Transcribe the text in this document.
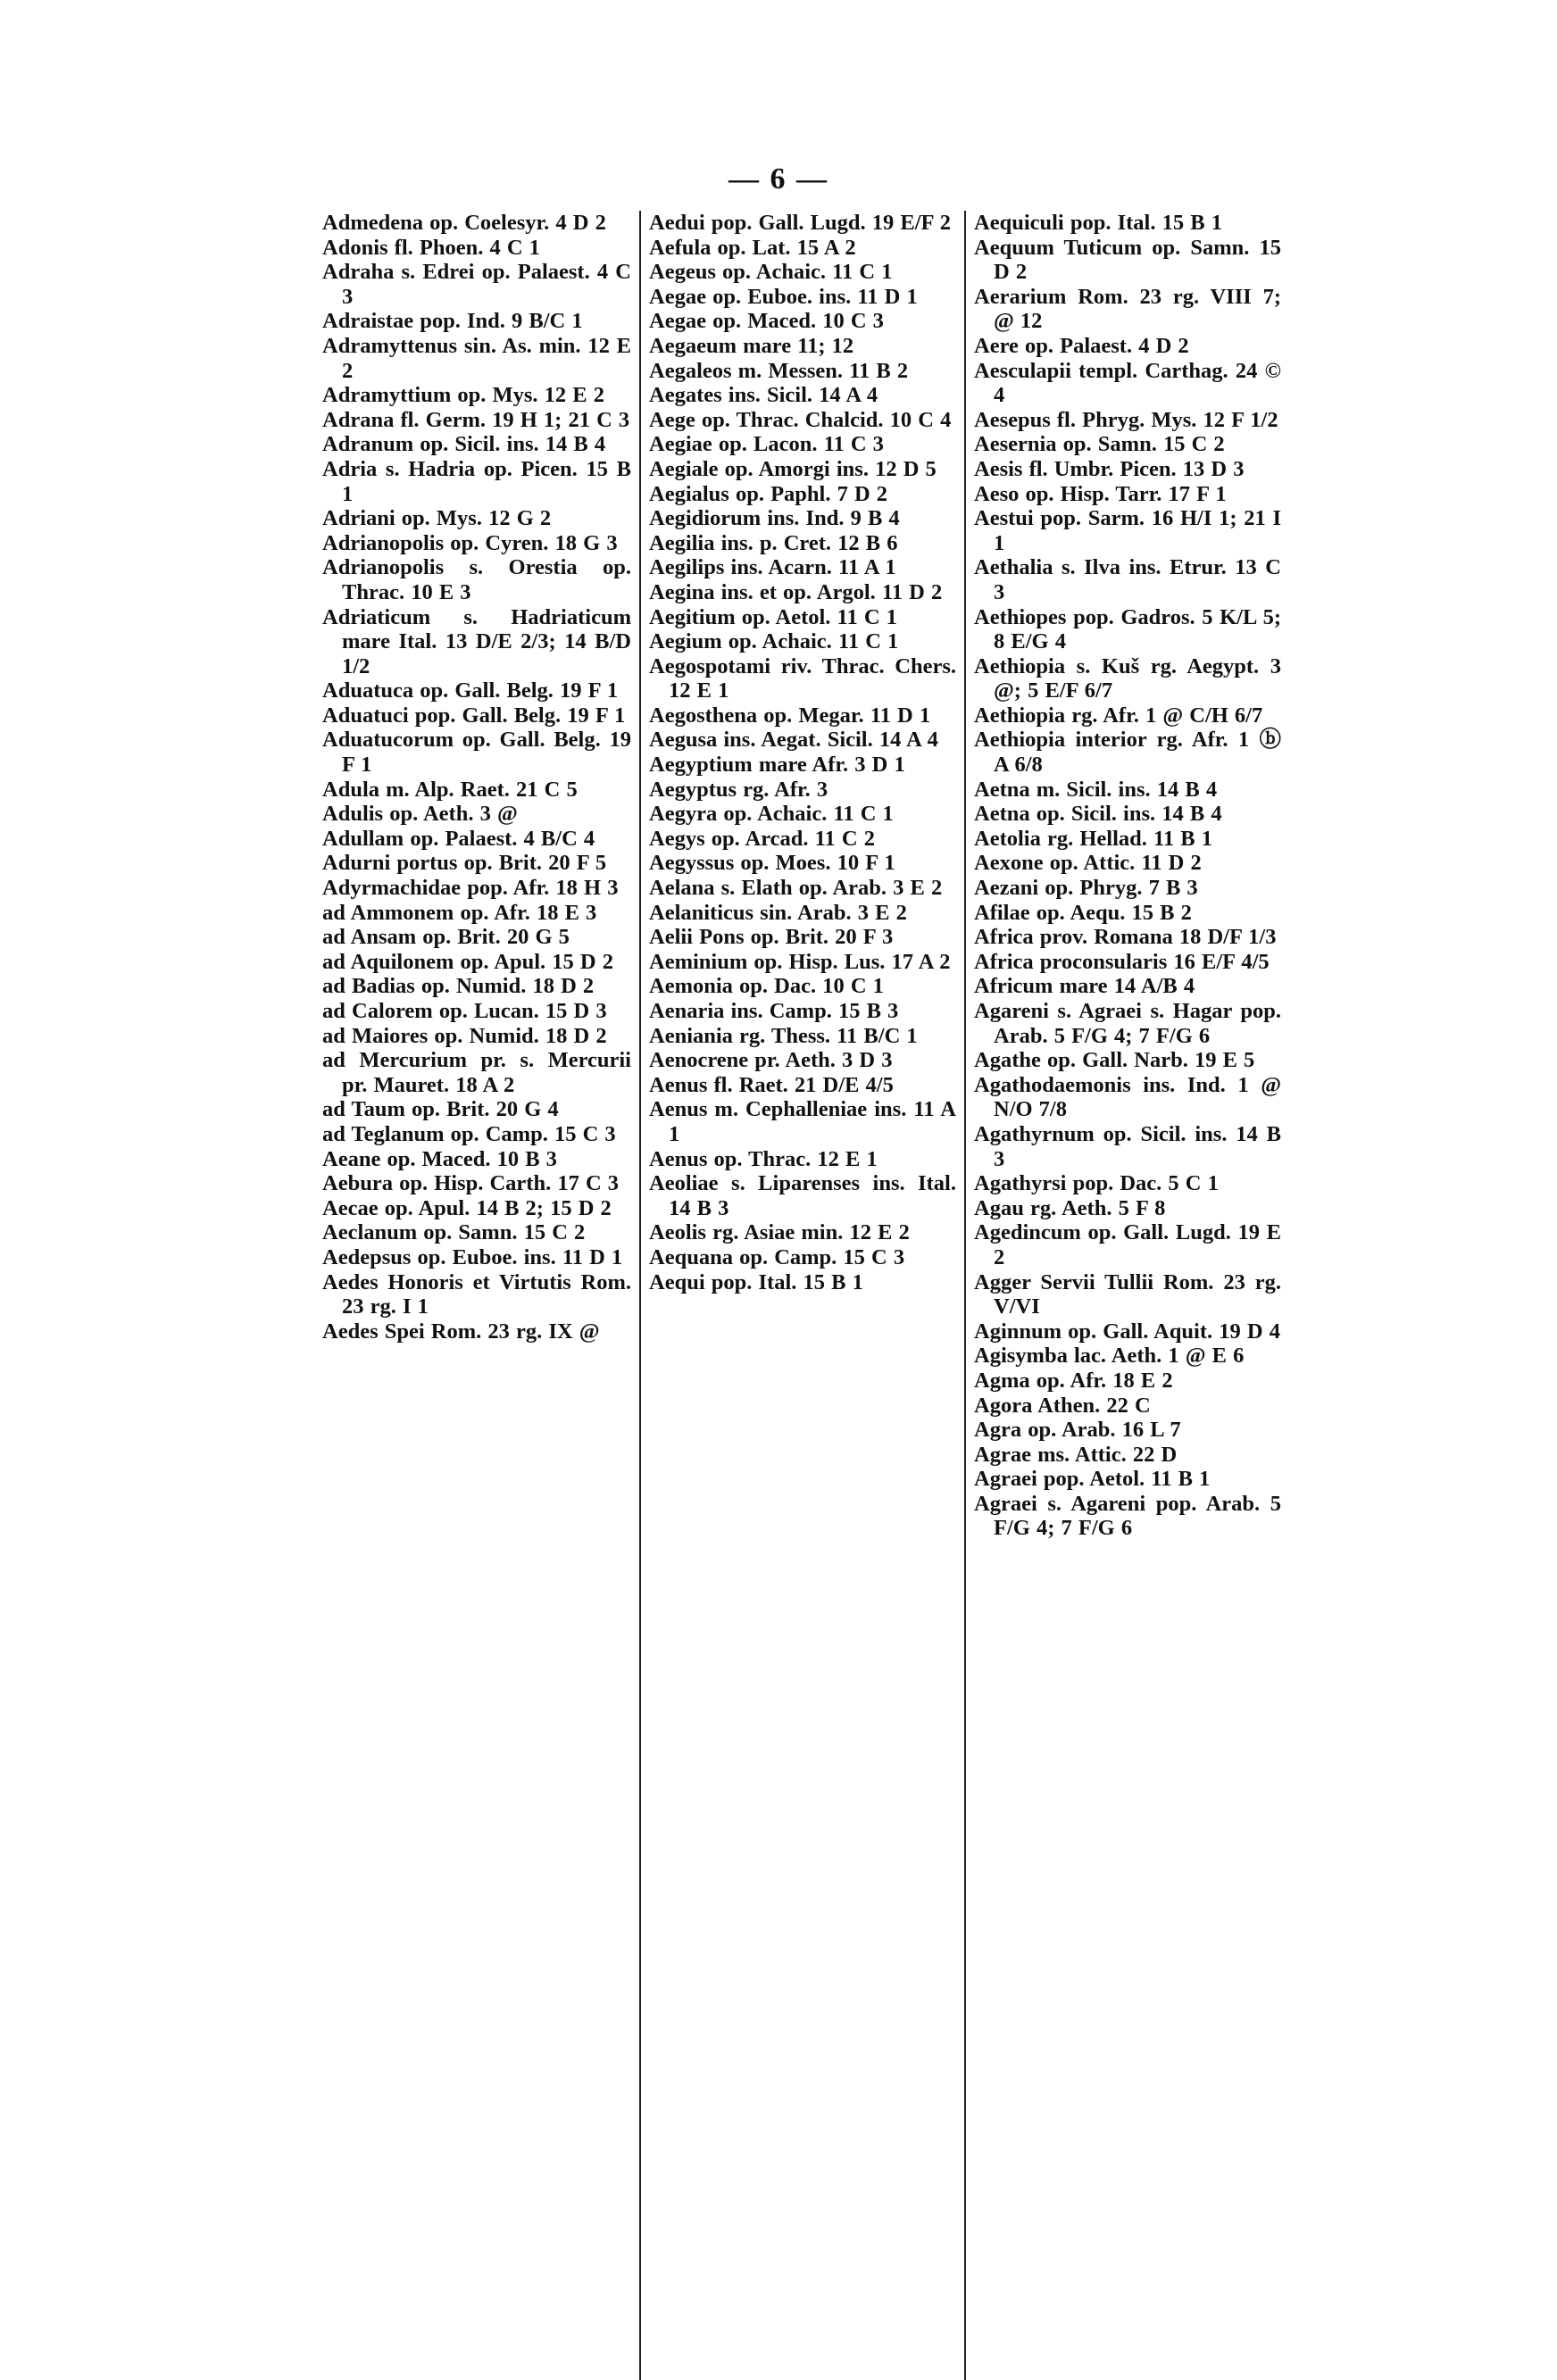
— 6 —
Admedena op. Coelesyr. 4 D 2
Adonis fl. Phoen. 4 C 1
Adraha s. Edrei op. Palaest. 4 C 3
Adraistae pop. Ind. 9 B/C 1
Adramyttenus sin. As. min. 12 E 2
Adramyttium op. Mys. 12 E 2
Adrana fl. Germ. 19 H 1; 21 C 3
Adranum op. Sicil. ins. 14 B 4
Adria s. Hadria op. Picen. 15 B 1
Adriani op. Mys. 12 G 2
Adrianopolis op. Cyren. 18 G 3
Adrianopolis s. Orestia op. Thrac. 10 E 3
Adriaticum s. Hadriaticum mare Ital. 13 D/E 2/3; 14 B/D 1/2
Aduatuca op. Gall. Belg. 19 F 1
Aduatuci pop. Gall. Belg. 19 F 1
Aduatucorum op. Gall. Belg. 19 F 1
Adula m. Alp. Raet. 21 C 5
Adulis op. Aeth. 3 @
Adullam op. Palaest. 4 B/C 4
Adurni portus op. Brit. 20 F 5
Adyrmachidae pop. Afr. 18 H 3
ad Ammonem op. Afr. 18 E 3
ad Ansam op. Brit. 20 G 5
ad Aquilonem op. Apul. 15 D 2
ad Badias op. Numid. 18 D 2
ad Calorem op. Lucan. 15 D 3
ad Maiores op. Numid. 18 D 2
ad Mercurium pr. s. Mercurii pr. Mauret. 18 A 2
ad Taum op. Brit. 20 G 4
ad Teglanum op. Camp. 15 C 3
Aeane op. Maced. 10 B 3
Aebura op. Hisp. Carth. 17 C 3
Aecae op. Apul. 14 B 2; 15 D 2
Aeclanum op. Samn. 15 C 2
Aedepsus op. Euboe. ins. 11 D 1
Aedes Honoris et Virtutis Rom. 23 rg. I 1
Aedes Spei Rom. 23 rg. IX @
Aedui pop. Gall. Lugd. 19 E/F 2
Aefula op. Lat. 15 A 2
Aegeus op. Achaic. 11 C 1
Aegae op. Euboe. ins. 11 D 1
Aegae op. Maced. 10 C 3
Aegaeum mare 11; 12
Aegaleos m. Messen. 11 B 2
Aegates ins. Sicil. 14 A 4
Aege op. Thrac. Chalcid. 10 C 4
Aegiae op. Lacon. 11 C 3
Aegiale op. Amorgi ins. 12 D 5
Aegialus op. Paphl. 7 D 2
Aegidiorum ins. Ind. 9 B 4
Aegilia ins. p. Cret. 12 B 6
Aegilips ins. Acarn. 11 A 1
Aegina ins. et op. Argol. 11 D 2
Aegitium op. Aetol. 11 C 1
Aegium op. Achaic. 11 C 1
Aegospotami riv. Thrac. Chers. 12 E 1
Aegosthena op. Megar. 11 D 1
Aegusa ins. Aegat. Sicil. 14 A 4
Aegyptium mare Afr. 3 D 1
Aegyptus rg. Afr. 3
Aegyra op. Achaic. 11 C 1
Aegys op. Arcad. 11 C 2
Aegyssus op. Moes. 10 F 1
Aelana s. Elath op. Arab. 3 E 2
Aelaniticus sin. Arab. 3 E 2
Aelii Pons op. Brit. 20 F 3
Aeminium op. Hisp. Lus. 17 A 2
Aemonia op. Dac. 10 C 1
Aenaria ins. Camp. 15 B 3
Aeniania rg. Thess. 11 B/C 1
Aenocrene pr. Aeth. 3 D 3
Aenus fl. Raet. 21 D/E 4/5
Aenus m. Cephalleniae ins. 11 A 1
Aenus op. Thrac. 12 E 1
Aeoliae s. Liparenses ins. Ital. 14 B 3
Aeolis rg. Asiae min. 12 E 2
Aequana op. Camp. 15 C 3
Aequi pop. Ital. 15 B 1
Aequiculi pop. Ital. 15 B 1
Aequum Tuticum op. Samn. 15 D 2
Aerarium Rom. 23 rg. VIII 7; @ 12
Aere op. Palaest. 4 D 2
Aesculapii templ. Carthag. 24 © 4
Aesepus fl. Phryg. Mys. 12 F 1/2
Aesernia op. Samn. 15 C 2
Aesis fl. Umbr. Picen. 13 D 3
Aeso op. Hisp. Tarr. 17 F 1
Aestui pop. Sarm. 16 H/I 1; 21 I 1
Aethalia s. Ilva ins. Etrur. 13 C 3
Aethiopes pop. Gadros. 5 K/L 5; 8 E/G 4
Aethiopia s. Kuš rg. Aegypt. 3 @; 5 E/F 6/7
Aethiopia rg. Afr. 1 @ C/H 6/7
Aethiopia interior rg. Afr. 1 ⓑ A 6/8
Aetna m. Sicil. ins. 14 B 4
Aetna op. Sicil. ins. 14 B 4
Aetolia rg. Hellad. 11 B 1
Aexone op. Attic. 11 D 2
Aezani op. Phryg. 7 B 3
Afilae op. Aequ. 15 B 2
Africa prov. Romana 18 D/F 1/3
Africa proconsularis 16 E/F 4/5
Africum mare 14 A/B 4
Agareni s. Agraei s. Hagar pop. Arab. 5 F/G 4; 7 F/G 6
Agathe op. Gall. Narb. 19 E 5
Agathodaemonis ins. Ind. 1 @ N/O 7/8
Agathyrnum op. Sicil. ins. 14 B 3
Agathyrsi pop. Dac. 5 C 1
Agau rg. Aeth. 5 F 8
Agedincum op. Gall. Lugd. 19 E 2
Agger Servii Tullii Rom. 23 rg. V/VI
Aginnum op. Gall. Aquit. 19 D 4
Agisymba lac. Aeth. 1 @ E 6
Agma op. Afr. 18 E 2
Agora Athen. 22 C
Agra op. Arab. 16 L 7
Agrae ms. Attic. 22 D
Agraei pop. Aetol. 11 B 1
Agraei s. Agareni pop. Arab. 5 F/G 4; 7 F/G 6
